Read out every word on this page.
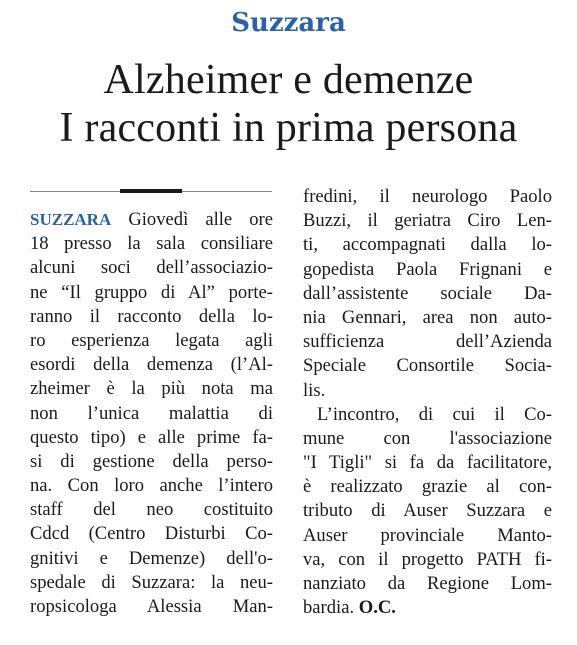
Suzzara
Alzheimer e demenze
I racconti in prima persona
SUZZARA Giovedì alle ore
18 presso la sala consiliare
alcuni soci dell’associazio-
ne “Il gruppo di Al” porte-
ranno il racconto della lo-
ro esperienza legata agli
esordi della demenza (l’Al-
zheimer è la più nota ma
non l’unica malattia di
questo tipo) e alle prime fa-
si di gestione della perso-
na. Con loro anche l’intero
staff del neo costituito
Cdcd (Centro Disturbi Co-
gnitivi e Demenze) dell'o-
spedale di Suzzara: la neu-
ropsicologa Alessia Man-
fredini, il neurologo Paolo
Buzzi, il geriatra Ciro Len-
ti, accompagnati dalla lo-
gopedista Paola Frignani e
dall’assistente sociale Da-
nia Gennari, area non auto-
sufficienza dell’Azienda
Speciale Consortile Socia-
lis.
L’incontro, di cui il Co-
mune con l'associazione
"I Tigli" si fa da facilitatore,
è realizzato grazie al con-
tributo di Auser Suzzara e
Auser provinciale Manto-
va, con il progetto PATH fi-
nanziato da Regione Lom-
bardia. O.C.
